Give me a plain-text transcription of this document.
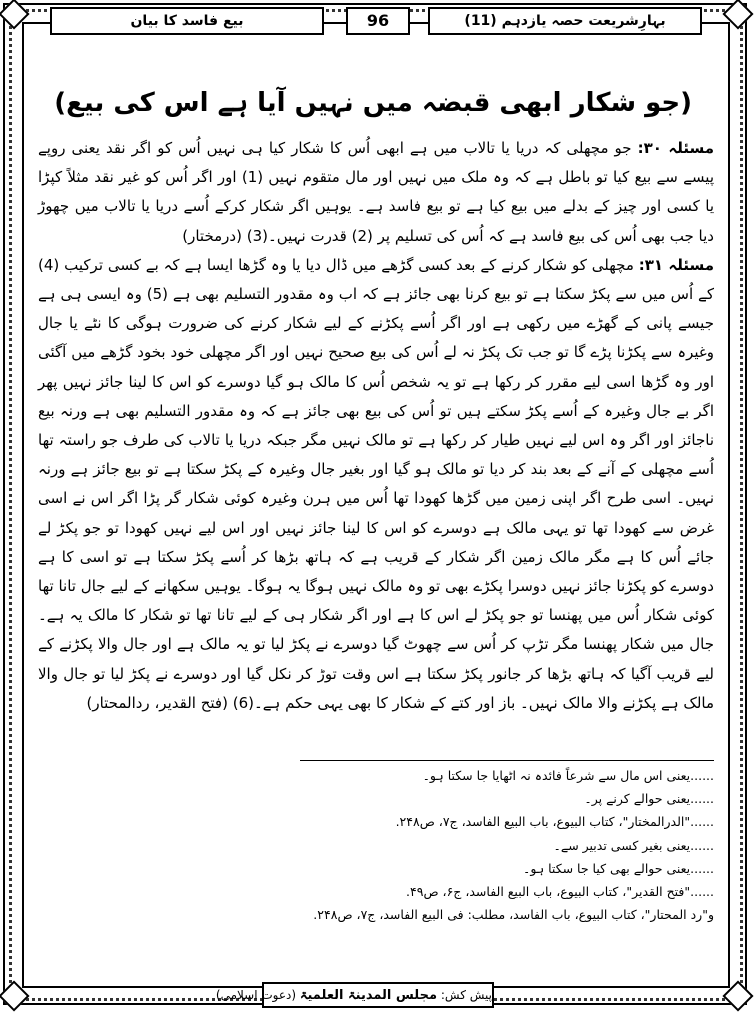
بہارِشریعت حصہ یازدہم (11)
96
بیع فاسد کا بیان
(جو شکار ابھی قبضہ میں نہیں آیا ہے اس کی بیع)

مسئلہ ۳۰: جو مچھلی کہ دریا یا تالاب میں ہے ابھی اُس کا شکار کیا ہی نہیں اُس کو اگر نقد یعنی روپے پیسے سے بیع کیا تو باطل ہے کہ وہ ملک میں نہیں اور مال متقوم نہیں (1) اور اگر اُس کو غیر نقد مثلاً کپڑا یا کسی اور چیز کے بدلے میں بیع کیا ہے تو بیع فاسد ہے۔ یوہیں اگر شکار کرکے اُسے دریا یا تالاب میں چھوڑ دیا جب بھی اُس کی بیع فاسد ہے کہ اُس کی تسلیم پر (2) قدرت نہیں۔(3) (درمختار)

مسئلہ ۳۱: مچھلی کو شکار کرنے کے بعد کسی گڑھے میں ڈال دیا یا وہ گڑھا ایسا ہے کہ بے کسی ترکیب (4) کے اُس میں سے پکڑ سکتا ہے تو بیع کرنا بھی جائز ہے کہ اب وہ مقدور التسلیم بھی ہے (5) وہ ایسی ہی ہے جیسے پانی کے گھڑے میں رکھی ہے اور اگر اُسے پکڑنے کے لیے شکار کرنے کی ضرورت ہوگی کا نٹے یا جال وغیرہ سے پکڑنا پڑے گا تو جب تک پکڑ نہ لے اُس کی بیع صحیح نہیں اور اگر مچھلی خود بخود گڑھے میں آگئی اور وہ گڑھا اسی لیے مقرر کر رکھا ہے تو یہ شخص اُس کا مالک ہو گیا دوسرے کو اس کا لینا جائز نہیں پھر اگر بے جال وغیرہ کے اُسے پکڑ سکتے ہیں تو اُس کی بیع بھی جائز ہے کہ وہ مقدور التسلیم بھی ہے ورنہ بیع ناجائز اور اگر وہ اس لیے نہیں طیار کر رکھا ہے تو مالک نہیں مگر جبکہ دریا یا تالاب کی طرف جو راستہ تھا اُسے مچھلی کے آنے کے بعد بند کر دیا تو مالک ہو گیا اور بغیر جال وغیرہ کے پکڑ سکتا ہے تو بیع جائز ہے ورنہ نہیں۔ اسی طرح اگر اپنی زمین میں گڑھا کھودا تھا اُس میں ہرن وغیرہ کوئی شکار گر پڑا اگر اس نے اسی غرض سے کھودا تھا تو یہی مالک ہے دوسرے کو اس کا لینا جائز نہیں اور اس لیے نہیں کھودا تو جو پکڑ لے جائے اُس کا ہے مگر مالک زمین اگر شکار کے قریب ہے کہ ہاتھ بڑھا کر اُسے پکڑ سکتا ہے تو اسی کا ہے دوسرے کو پکڑنا جائز نہیں دوسرا پکڑے بھی تو وہ مالک نہیں ہوگا یہ ہوگا۔ یوہیں سکھانے کے لیے جال تانا تھا کوئی شکار اُس میں پھنسا تو جو پکڑ لے اس کا ہے اور اگر شکار ہی کے لیے تانا تھا تو شکار کا مالک یہ ہے۔ جال میں شکار پھنسا مگر تڑپ کر اُس سے چھوٹ گیا دوسرے نے پکڑ لیا تو یہ مالک ہے اور جال والا پکڑنے کے لیے قریب آگیا کہ ہاتھ بڑھا کر جانور پکڑ سکتا ہے اس وقت توڑ کر نکل گیا اور دوسرے نے پکڑ لیا تو جال والا مالک ہے پکڑنے والا مالک نہیں۔ باز اور کتے کے شکار کا بھی یہی حکم ہے۔(6) (فتح القدیر، ردالمحتار)

......یعنی اس مال سے شرعاً فائدہ نہ اٹھایا جا سکتا ہو۔
......یعنی حوالے کرنے پر۔
......"الدرالمختار"، کتاب البیوع، باب البیع الفاسد، ج۷، ص۲۴۸.
......یعنی بغیر کسی تدبیر سے۔
......یعنی حوالے بھی کیا جا سکتا ہو۔
......"فتح القدیر"، کتاب البیوع، باب البیع الفاسد، ج۶، ص۴۹.
و"رد المحتار"، کتاب البیوع، باب الفاسد، مطلب: فی البیع الفاسد، ج۷، ص۲۴۸.
پیش کش: مجلس المدینۃ العلمیۃ (دعوت اسلامی)
